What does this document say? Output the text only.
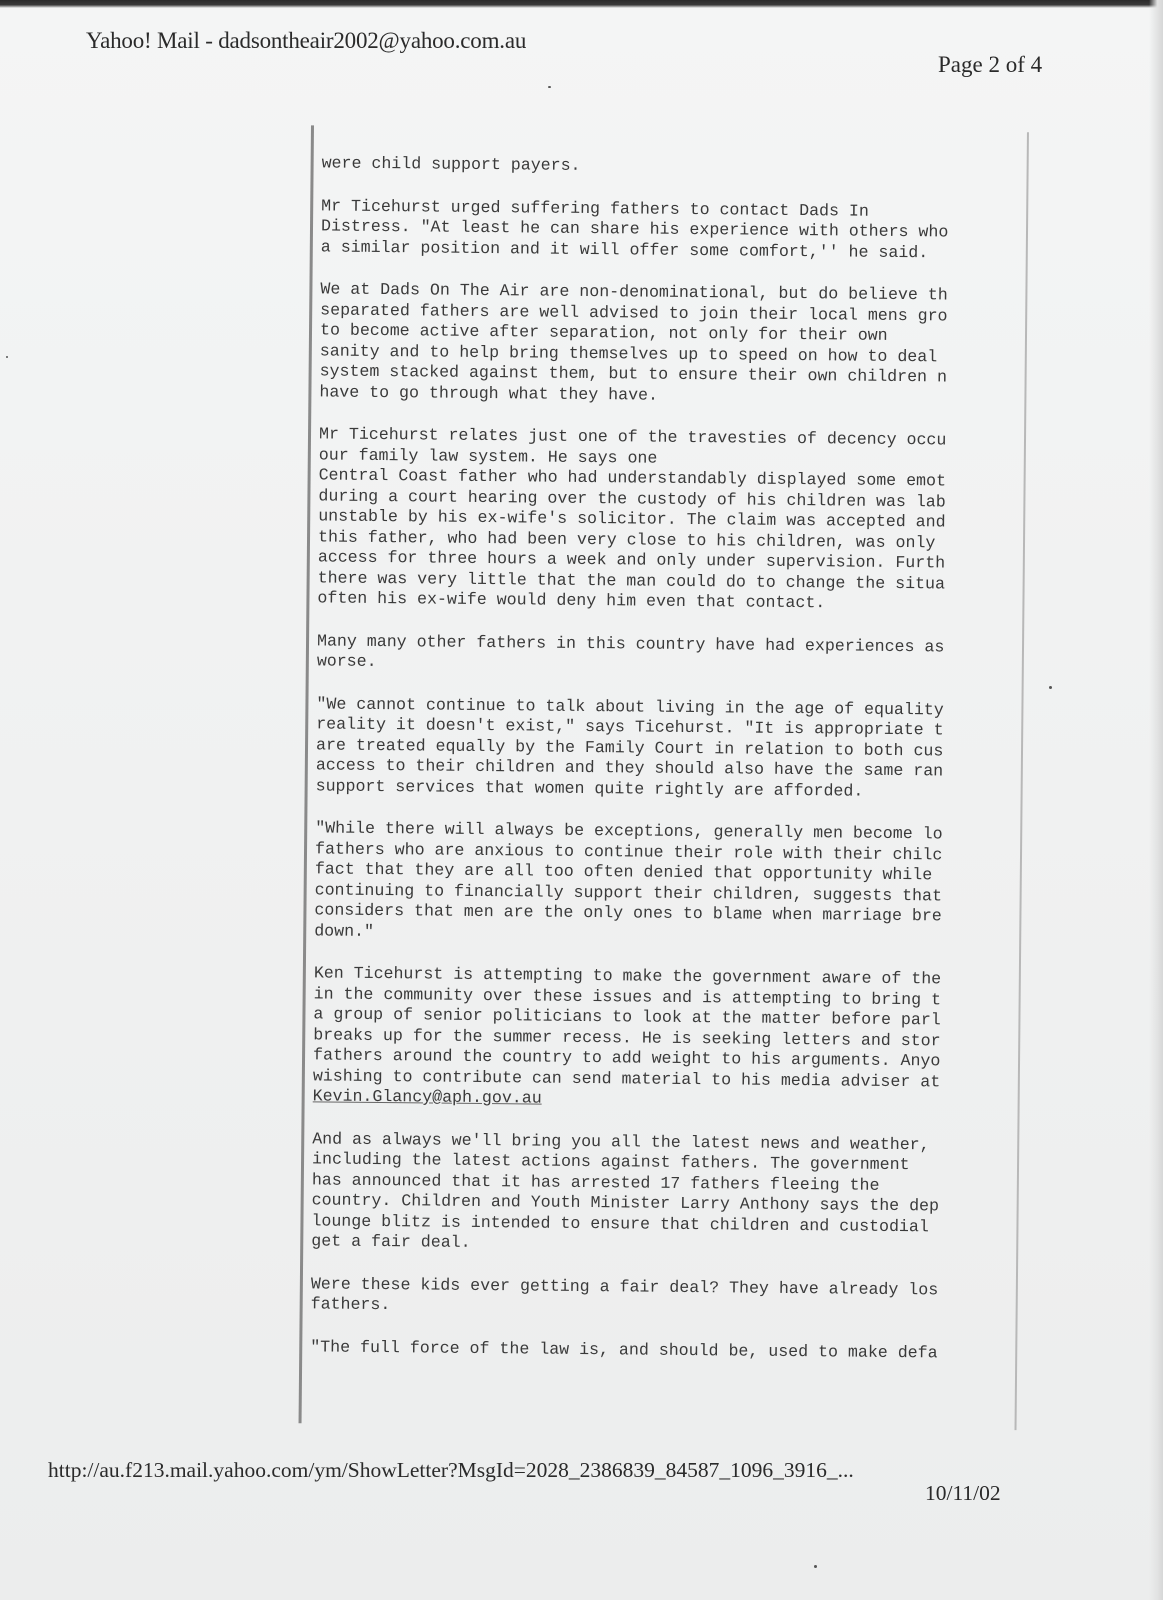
Yahoo! Mail - dadsontheair2002@yahoo.com.au
Page 2 of 4
were child support payers.
Mr Ticehurst urged suffering fathers to contact Dads In
Distress. "At least he can share his experience with others who
a similar position and it will offer some comfort,'' he said.
We at Dads On The Air are non-denominational, but do believe th
separated fathers are well advised to join their local mens gro
to become active after separation, not only for their own
sanity and to help bring themselves up to speed on how to deal
system stacked against them, but to ensure their own children n
have to go through what they have.
Mr Ticehurst relates just one of the travesties of decency occu
our family law system. He says one
Central Coast father who had understandably displayed some emot
during a court hearing over the custody of his children was lab
unstable by his ex-wife's solicitor. The claim was accepted and
this father, who had been very close to his children, was only
access for three hours a week and only under supervision. Furth
there was very little that the man could do to change the situa
often his ex-wife would deny him even that contact.
Many many other fathers in this country have had experiences as
worse.
"We cannot continue to talk about living in the age of equality
reality it doesn't exist," says Ticehurst. "It is appropriate t
are treated equally by the Family Court in relation to both cus
access to their children and they should also have the same ran
support services that women quite rightly are afforded.
"While there will always be exceptions, generally men become lo
fathers who are anxious to continue their role with their chilc
fact that they are all too often denied that opportunity while
continuing to financially support their children, suggests that
considers that men are the only ones to blame when marriage bre
down."
Ken Ticehurst is attempting to make the government aware of the
in the community over these issues and is attempting to bring t
a group of senior politicians to look at the matter before parl
breaks up for the summer recess. He is seeking letters and stor
fathers around the country to add weight to his arguments. Anyo
wishing to contribute can send material to his media adviser at
Kevin.Glancy@aph.gov.au
And as always we'll bring you all the latest news and weather,
including the latest actions against fathers. The government
has announced that it has arrested 17 fathers fleeing the
country. Children and Youth Minister Larry Anthony says the dep
lounge blitz is intended to ensure that children and custodial
get a fair deal.
Were these kids ever getting a fair deal? They have already los
fathers.
"The full force of the law is, and should be, used to make defa
http://au.f213.mail.yahoo.com/ym/ShowLetter?MsgId=2028_2386839_84587_1096_3916_...
10/11/02
